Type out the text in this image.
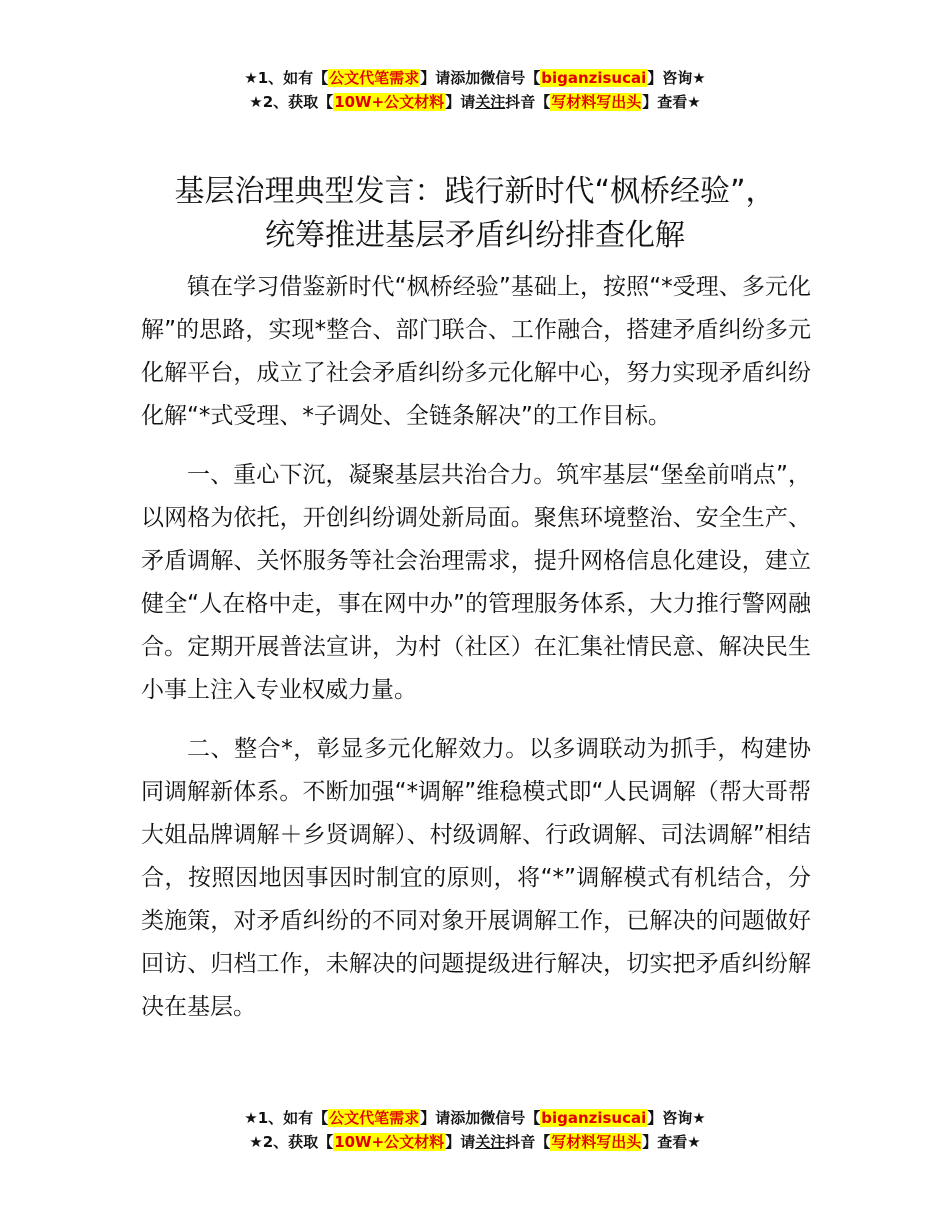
★1、如有【公文代笔需求】请添加微信号【biganzisucai】咨询★
★2、获取【10W+公文材料】请关注抖音【写材料写出头】查看★
基层治理典型发言：践行新时代“枫桥经验”，
统筹推进基层矛盾纠纷排查化解

镇在学习借鉴新时代“枫桥经验”基础上，按照“*受理、多元化解”的思路，实现*整合、部门联合、工作融合，搭建矛盾纠纷多元化解平台，成立了社会矛盾纠纷多元化解中心，努力实现矛盾纠纷化解“*式受理、*子调处、全链条解决”的工作目标。

一、重心下沉，凝聚基层共治合力。筑牢基层“堡垒前哨点”，以网格为依托，开创纠纷调处新局面。聚焦环境整治、安全生产、矛盾调解、关怀服务等社会治理需求，提升网格信息化建设，建立健全“人在格中走，事在网中办”的管理服务体系，大力推行警网融合。定期开展普法宣讲，为村（社区）在汇集社情民意、解决民生小事上注入专业权威力量。

二、整合*，彰显多元化解效力。以多调联动为抓手，构建协同调解新体系。不断加强“*调解”维稳模式即“人民调解（帮大哥帮大姐品牌调解＋乡贤调解）、村级调解、行政调解、司法调解”相结合，按照因地因事因时制宜的原则，将“*”调解模式有机结合，分类施策，对矛盾纠纷的不同对象开展调解工作，已解决的问题做好回访、归档工作，未解决的问题提级进行解决，切实把矛盾纠纷解决在基层。

★1、如有【公文代笔需求】请添加微信号【biganzisucai】咨询★
★2、获取【10W+公文材料】请关注抖音【写材料写出头】查看★
